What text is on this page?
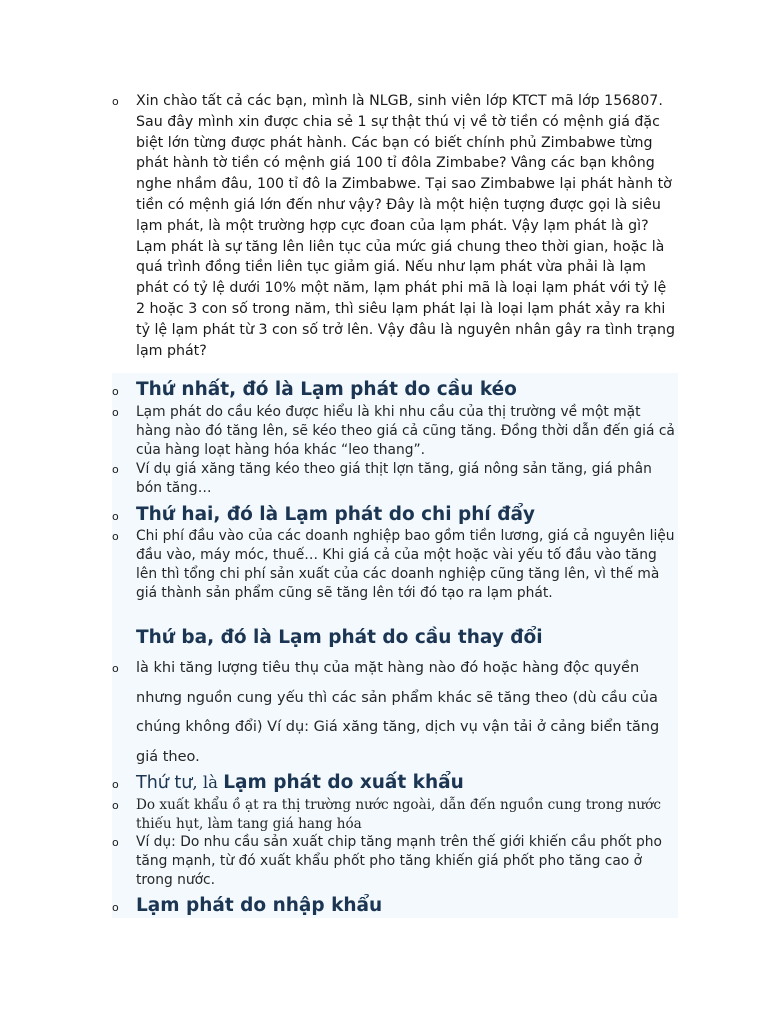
o	Xin chào tất cả các bạn, mình là NLGB, sinh viên lớp KTCT mã lớp 156807. Sau đây mình xin được chia sẻ 1 sự thật thú vị về tờ tiền có mệnh giá đặc biệt lớn từng được phát hành. Các bạn có biết chính phủ Zimbabwe từng phát hành tờ tiền có mệnh giá 100 tỉ đôla Zimbabe? Vâng các bạn không nghe nhầm đâu, 100 tỉ đô la Zimbabwe. Tại sao Zimbabwe lại phát hành tờ tiền có mệnh giá lớn đến như vậy? Đây là một hiện tượng được gọi là siêu lạm phát, là một trường hợp cực đoan của lạm phát. Vậy lạm phát là gì? Lạm phát là sự tăng lên liên tục của mức giá chung theo thời gian, hoặc là quá trình đồng tiền liên tục giảm giá. Nếu như lạm phát vừa phải là lạm phát có tỷ lệ dưới 10% một năm, lạm phát phi mã là loại lạm phát với tỷ lệ 2 hoặc 3 con số trong năm, thì siêu lạm phát lại là loại lạm phát xảy ra khi tỷ lệ lạm phát từ 3 con số trở lên. Vậy đâu là nguyên nhân gây ra tình trạng lạm phát?
o Thứ nhất, đó là Lạm phát do cầu kéo
o	Lạm phát do cầu kéo được hiểu là khi nhu cầu của thị trường về một mặt hàng nào đó tăng lên, sẽ kéo theo giá cả cũng tăng. Đồng thời dẫn đến giá cả của hàng loạt hàng hóa khác “leo thang”.
o	Ví dụ giá xăng tăng kéo theo giá thịt lợn tăng, giá nông sản tăng, giá phân bón tăng…
o Thứ hai, đó là Lạm phát do chi phí đẩy
o	Chi phí đầu vào của các doanh nghiệp bao gồm tiền lương, giá cả nguyên liệu đầu vào, máy móc, thuế… Khi giá cả của một hoặc vài yếu tố đầu vào tăng lên thì tổng chi phí sản xuất của các doanh nghiệp cũng tăng lên, vì thế mà giá thành sản phẩm cũng sẽ tăng lên tới đó tạo ra lạm phát.
Thứ ba, đó là Lạm phát do cầu thay đổi
o	là khi tăng lượng tiêu thụ của mặt hàng nào đó hoặc hàng độc quyền nhưng nguồn cung yếu thì các sản phẩm khác sẽ tăng theo (dù cầu của chúng không đổi) Ví dụ: Giá xăng tăng, dịch vụ vận tải ở cảng biển tăng giá theo.
o Thứ tư, là Lạm phát do xuất khẩu
o	Do xuất khẩu ồ ạt ra thị trường nước ngoài, dẫn đến nguồn cung trong nước thiếu hụt, làm tang giá hang hóa
o	Ví dụ: Do nhu cầu sản xuất chip tăng mạnh trên thế giới khiến cầu phốt pho tăng mạnh, từ đó xuất khẩu phốt pho tăng khiến giá phốt pho tăng cao ở trong nước.
o Lạm phát do nhập khẩu
